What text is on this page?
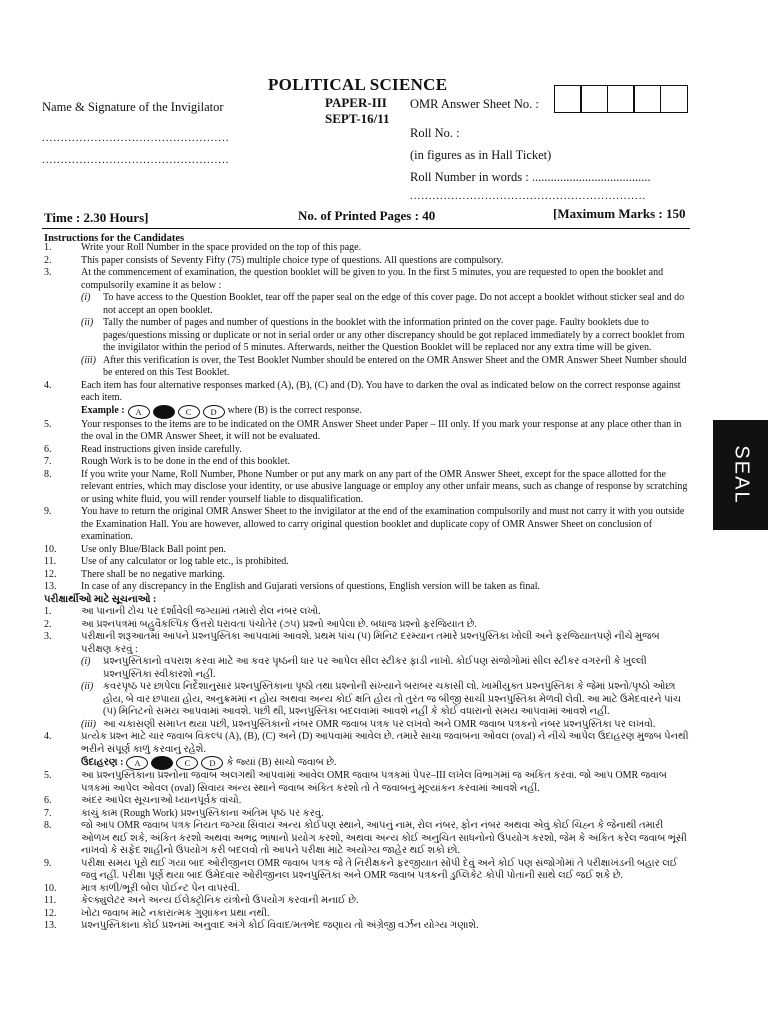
POLITICAL SCIENCE
Name & Signature of the Invigilator
..................................................
..................................................
PAPER-III
SEPT-16/11
OMR Answer Sheet No. :
Roll No. :
(in figures as in Hall Ticket)
Roll Number in words : ......................................
...............................................................
Time : 2.30 Hours]	No. of Printed Pages : 40	[Maximum Marks : 150
Instructions for the Candidates
1.	Write your Roll Number in the space provided on the top of this page.
2.	This paper consists of Seventy Fifty (75) multiple choice type of questions. All questions are compulsory.
3.	At the commencement of examination, the question booklet will be given to you. In the first 5 minutes, you are requested to open the booklet and compulsorily examine it as below :
(i)	To have access to the Question Booklet, tear off the paper seal on the edge of this cover page. Do not accept a booklet without sticker seal and do not accept an open booklet.
(ii) Tally the number of pages and number of questions in the booklet with the information printed on the cover page. Faulty booklets due to pages/questions missing or duplicate or not in serial order or any other discrepancy should be got replaced immediately by a correct booklet from the invigilator within the period of 5 minutes. Afterwards, neither the Question Booklet will be replaced nor any extra time will be given.
(iii) After this verification is over, the Test Booklet Number should be entered on the OMR Answer Sheet and the OMR Answer Sheet Number should be entered on this Test Booklet.
4.	Each item has four alternative responses marked (A), (B), (C) and (D). You have to darken the oval as indicated below on the correct response against each item.
Example :	A	C	D	where (B) is the correct response.
5.	Your responses to the items are to be indicated on the OMR Answer Sheet under Paper – III only. If you mark your response at any place other than in the oval in the OMR Answer Sheet, it will not be evaluated.
6.	Read instructions given inside carefully.
7.	Rough Work is to be done in the end of this booklet.
8.	If you write your Name, Roll Number, Phone Number or put any mark on any part of the OMR Answer Sheet, except for the space allotted for the relevant entries, which may disclose your identity, or use abusive language or employ any other unfair means, such as change of response by scratching or using white fluid, you will render yourself liable to disqualification.
9.	You have to return the original OMR Answer Sheet to the invigilator at the end of the examination compulsorily and must not carry it with you outside the Examination Hall. You are however, allowed to carry original question booklet and duplicate copy of OMR Answer Sheet on conclusion of examination.
10.	Use only Blue/Black Ball point pen.
11.	Use of any calculator or log table etc., is prohibited.
12.	There shall be no negative marking.
13.	In case of any discrepancy in the English and Gujarati versions of questions, English version will be taken as final.
પરીક્ષાર્થીઓ માટે સૂચનાઓ :
1.	આ પાનાની ટોચ પર દર્શાવેલી જગ્યામાં તમારો રોલ નંબર લખો.
2.	આ પ્રશ્નપત્રમાં બહુવૈકલ્પિક ઉત્તરો ધરાવતા પંચોતેર (૭૫) પ્રશ્નો આપેલા છે. બધાજ પ્રશ્નો ફરજિયાત છે.
3.	પરીક્ષાની શરૂઆતમાં આપને પ્રશ્નપુસ્તિકા આપવામાં આવશે. પ્રથમ પાંચ (૫) મિનિટ દરમ્યાન તમારે પ્રશ્નપુસ્તિકા ખોલી અને ફરજિયાતપણે નીચે મુજબ પરીક્ષણ કરવું :
(i)	પ્રશ્નપુસ્તિકાનો વપરાશ કરવા માટે આ કવર પૃષ્ઠની ધાર પર આપેલ સીલ સ્ટીકર ફાડી નાખો. કોઈપણ સંજોગોમાં સીલ સ્ટીકર વગરની કે ખુલ્લી પ્રશ્નપુસ્તિકા સ્વીકારશો નહીં.
(ii) કવરપૃષ્ઠ પર છાપેલા નિર્દેશાનુસાર પ્રશ્નપુસ્તિકાના પૃષ્ઠો તથા પ્રશ્નોની સંખ્યાને બરાબર ચકાસી લો. ખામીયુક્ત પ્રશ્નપુસ્તિકા કે જેમાં પ્રશ્નો/પૃષ્ઠો ઓછા હોય, બે વાર છપાયા હોય, અનુક્રમમાં ન હોય અથવા અન્ય કોઈ ક્ષતિ હોય તો તુરંત જ બીજી સાચી પ્રશ્નપુસ્તિકા મેળવી લેવી. આ માટે ઉમેદવારને પાંચ (૫) મિનિટનો સમય આપવામાં આવશે. પછી થી, પ્રશ્નપુસ્તિકા બદલવામાં આવશે નહીં કે કોઈ વધારાનો સમય આપવામાં આવશે નહીં.
(iii) આ ચકાસણી સમાપ્ત થયા પછી, પ્રશ્નપુસ્તિકાનો નંબર OMR જવાબ પત્રક પર લખવો અને OMR જવાબ પત્રકનો નંબર પ્રશ્નપુસ્તિકા પર લખવો.
4.	પ્રત્યેક પ્રશ્ન માટે ચાર જવાબ વિકલ્પ (A), (B), (C) અને (D) આપવામાં આવેલ છે. તમારે સાચા જવાબના ઓવલ (oval) ને નીચે આપેલ ઉદાહરણ મુજબ પેનથી ભરીને સંપૂર્ણ કાળું કરવાનું રહેશે.
ઉદાહરણ :	A	C	D	કે જ્યાં (B) સાચો જવાબ છે.
5.	આ પ્રશ્નપુસ્તિકાના પ્રશ્નોના જવાબ અલગથી આપવામાં આવેલ OMR જવાબ પત્રકમાં પેપર–III લખેલ વિભાગમાં જ અંકિત કરવા. જો આપ OMR જવાબ પત્રકમાં આપેલ ઓવલ (oval) સિવાય અન્ય સ્થાને જવાબ અંકિત કરશો તો તે જવાબનું મૂલ્યાંકન કરવામાં આવશે નહીં.
6.	અંદર આપેલ સૂચનાઓ ધ્યાનપૂર્વક વાંચો.
7.	કાચું કામ (Rough Work) પ્રશ્નપુસ્તિકાના અંતિમ પૃષ્ઠ પર કરવું.
8.	જો આપ OMR જવાબ પત્રક નિયત જગ્યા સિવાય અન્ય કોઈપણ સ્થાને, આપનું નામ, રોલ નંબર, ફોન નંબર અથવા એવું કોઈ ચિહ્ન કે જેનાથી તમારી ઓળખ થઈ શકે, અંકિત કરશો અથવા અભદ્ર ભાષાનો પ્રયોગ કરશો, અથવા અન્ય કોઈ અનુચિત સાધનોનો ઉપયોગ કરશો, જેમ કે અંકિત કરેલ જવાબ ભૂંસી નાખવો કે સફેદ શાહીનો ઉપયોગ કરી બદલવો તો આપને પરીક્ષા માટે અયોગ્ય જાહેર થઈ શકો છો.
9.	પરીક્ષા સમય પૂરો થઈ ગયા બાદ ઓરીજીનલ OMR જવાબ પત્રક જે તે નિરીક્ષકને ફરજીયાત સોંપી દેવું અને કોઈ પણ સંજોગોમાં તે પરીક્ષાખંડની બહાર લઈ જવું નહીં. પરીક્ષા પૂર્ણ થયા બાદ ઉમેદવાર ઓરીજીનલ પ્રશ્નપુસ્તિકા અને OMR જવાબ પત્રકની ડુપ્લિકેટ કોપી પોતાની સાથે લઈ જઈ શકે છે.
10.	માત્ર કાળી/ભૂરી બોલ પોઈન્ટ પેન વાપરવી.
11.	કેલ્ક્યુલેટર અને અન્ય ઈલેક્ટ્રોનિક યંત્રોનો ઉપયોગ કરવાની મનાઈ છે.
12.	ખોટા જવાબ માટે નકારાત્મક ગુણાંકન પ્રથા નથી.
13.	પ્રશ્નપુસ્તિકાના કોઈ પ્રશ્નમાં અનુવાદ અંગે કોઈ વિવાદ/મતભેદ જણાય તો અંગ્રેજી વર્ઝન યોગ્ય ગણાશે.
SEAL
